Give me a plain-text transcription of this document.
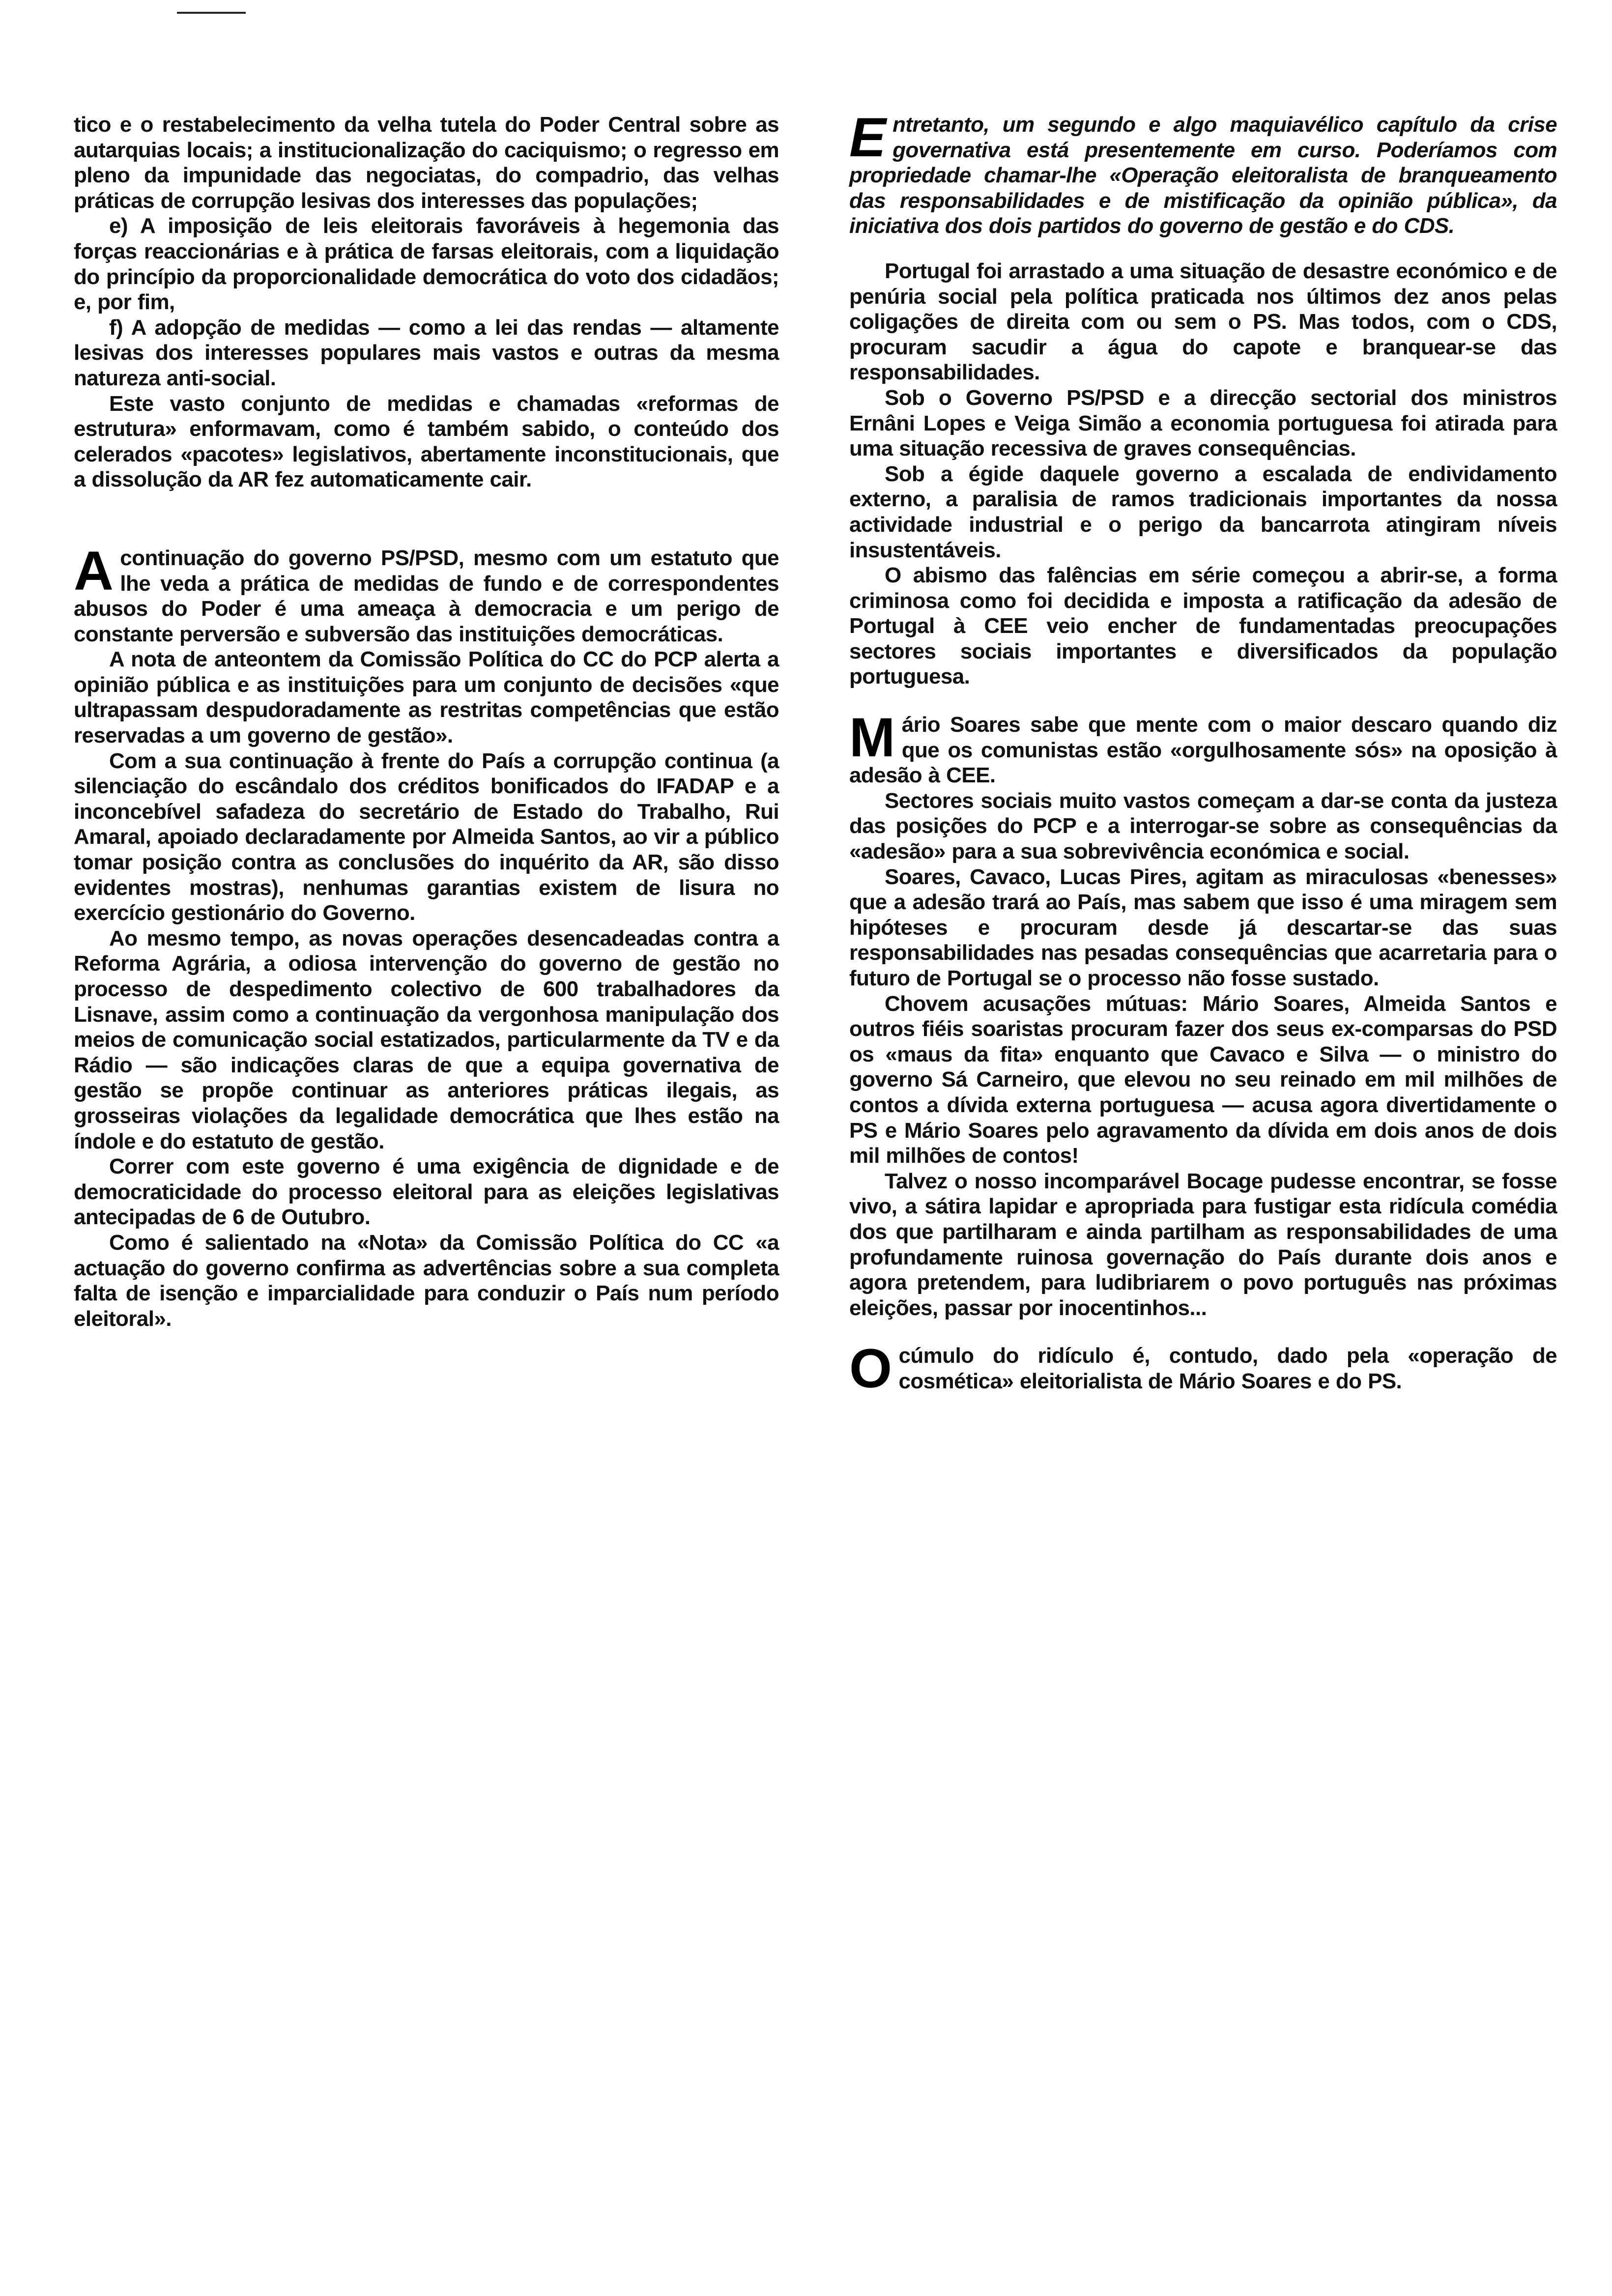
tico e o restabelecimento da velha tutela do Poder Central sobre as autarquias locais; a institucionalização do caciquismo; o regresso em pleno da impunidade das negociatas, do compadrio, das velhas práticas de corrupção lesivas dos interesses das populações;

e) A imposição de leis eleitorais favoráveis à hegemonia das forças reaccionárias e à prática de farsas eleitorais, com a liquidação do princípio da proporcionalidade democrática do voto dos cidadãos; e, por fim,

f) A adopção de medidas — como a lei das rendas — altamente lesivas dos interesses populares mais vastos e outras da mesma natureza anti-social.

Este vasto conjunto de medidas e chamadas «reformas de estrutura» enformavam, como é também sabido, o conteúdo dos celerados «pacotes» legislativos, abertamente inconstitucionais, que a dissolução da AR fez automaticamente cair.

Acontinuação do governo PS/PSD, mesmo com um estatuto que lhe veda a prática de medidas de fundo e de correspondentes abusos do Poder é uma ameaça à democracia e um perigo de constante perversão e subversão das instituições democráticas.

A nota de anteontem da Comissão Política do CC do PCP alerta a opinião pública e as instituições para um conjunto de decisões «que ultrapassam despudoradamente as restritas competências que estão reservadas a um governo de gestão».

Com a sua continuação à frente do País a corrupção continua (a silenciação do escândalo dos créditos bonificados do IFADAP e a inconcebível safadeza do secretário de Estado do Trabalho, Rui Amaral, apoiado declaradamente por Almeida Santos, ao vir a público tomar posição contra as conclusões do inquérito da AR, são disso evidentes mostras), nenhumas garantias existem de lisura no exercício gestionário do Governo.

Ao mesmo tempo, as novas operações desencadeadas contra a Reforma Agrária, a odiosa intervenção do governo de gestão no processo de despedimento colectivo de 600 trabalhadores da Lisnave, assim como a continuação da vergonhosa manipulação dos meios de comunicação social estatizados, particularmente da TV e da Rádio — são indicações claras de que a equipa governativa de gestão se propõe continuar as anteriores práticas ilegais, as grosseiras violações da legalidade democrática que lhes estão na índole e do estatuto de gestão.

Correr com este governo é uma exigência de dignidade e de democraticidade do processo eleitoral para as eleições legislativas antecipadas de 6 de Outubro.

Como é salientado na «Nota» da Comissão Política do CC «a actuação do governo confirma as advertências sobre a sua completa falta de isenção e imparcialidade para conduzir o País num período eleitoral».

Entretanto, um segundo e algo maquiavélico capítulo da crise governativa está presentemente em curso. Poderíamos com propriedade chamar-lhe «Operação eleitoralista de branqueamento das responsabilidades e de mistificação da opinião pública», da iniciativa dos dois partidos do governo de gestão e do CDS.

Portugal foi arrastado a uma situação de desastre económico e de penúria social pela política praticada nos últimos dez anos pelas coligações de direita com ou sem o PS. Mas todos, com o CDS, procuram sacudir a água do capote e branquear-se das responsabilidades.

Sob o Governo PS/PSD e a direcção sectorial dos ministros Ernâni Lopes e Veiga Simão a economia portuguesa foi atirada para uma situação recessiva de graves consequências.

Sob a égide daquele governo a escalada de endividamento externo, a paralisia de ramos tradicionais importantes da nossa actividade industrial e o perigo da bancarrota atingiram níveis insustentáveis.

O abismo das falências em série começou a abrir-se, a forma criminosa como foi decidida e imposta a ratificação da adesão de Portugal à CEE veio encher de fundamentadas preocupações sectores sociais importantes e diversificados da população portuguesa.

Mário Soares sabe que mente com o maior descaro quando diz que os comunistas estão «orgulhosamente sós» na oposição à adesão à CEE.

Sectores sociais muito vastos começam a dar-se conta da justeza das posições do PCP e a interrogar-se sobre as consequências da «adesão» para a sua sobrevivência económica e social.

Soares, Cavaco, Lucas Pires, agitam as miraculosas «benesses» que a adesão trará ao País, mas sabem que isso é uma miragem sem hipóteses e procuram desde já descartar-se das suas responsabilidades nas pesadas consequências que acarretaria para o futuro de Portugal se o processo não fosse sustado.

Chovem acusações mútuas: Mário Soares, Almeida Santos e outros fiéis soaristas procuram fazer dos seus ex-comparsas do PSD os «maus da fita» enquanto que Cavaco e Silva — o ministro do governo Sá Carneiro, que elevou no seu reinado em mil milhões de contos a dívida externa portuguesa — acusa agora divertidamente o PS e Mário Soares pelo agravamento da dívida em dois anos de dois mil milhões de contos!

Talvez o nosso incomparável Bocage pudesse encontrar, se fosse vivo, a sátira lapidar e apropriada para fustigar esta ridícula comédia dos que partilharam e ainda partilham as responsabilidades de uma profundamente ruinosa governação do País durante dois anos e agora pretendem, para ludibriarem o povo português nas próximas eleições, passar por inocentinhos...

Ocúmulo do ridículo é, contudo, dado pela «operação de cosmética» eleitorialista de Mário Soares e do PS.
